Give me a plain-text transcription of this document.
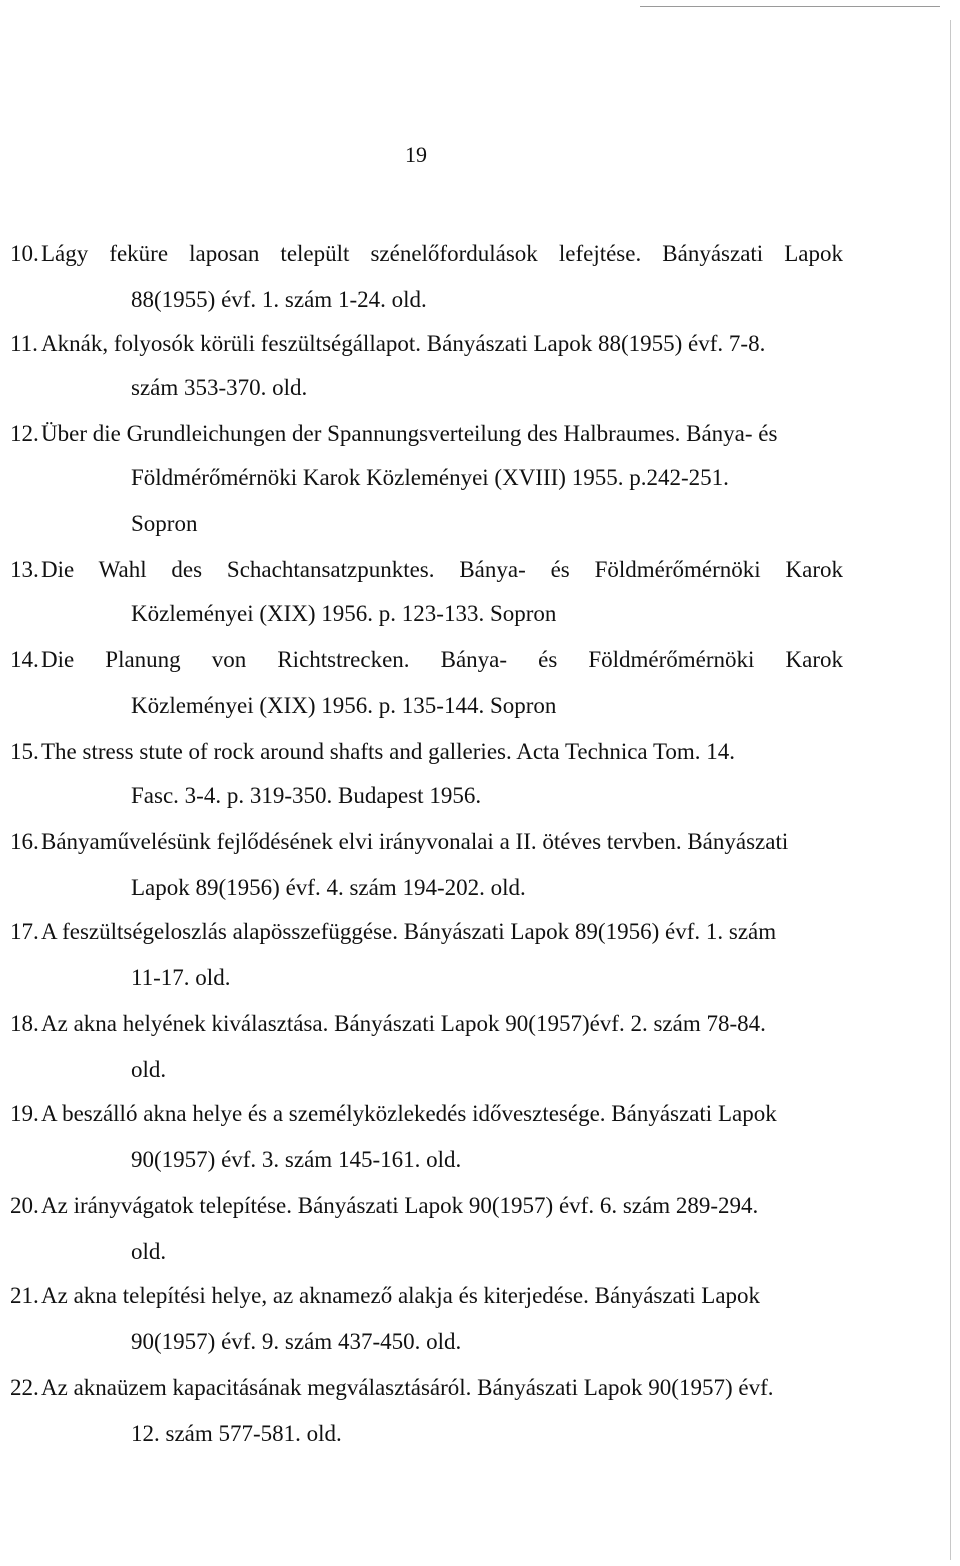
19
10. Lágy feküre laposan települt szénelőfordulások lefejtése. Bányászati Lapok
88(1955) évf. 1. szám 1-24. old.
11. Aknák, folyosók körüli feszültségállapot. Bányászati Lapok 88(1955) évf. 7-8.
szám 353-370. old.
12. Über die Grundleichungen der Spannungsverteilung des Halbraumes. Bánya- és
Földmérőmérnöki Karok Közleményei (XVIII) 1955. p.242-251.
Sopron
13. Die Wahl des Schachtansatzpunktes. Bánya- és Földmérőmérnöki Karok
Közleményei (XIX) 1956. p. 123-133. Sopron
14. Die Planung von Richtstrecken. Bánya- és Földmérőmérnöki Karok
Közleményei (XIX) 1956. p. 135-144. Sopron
15. The stress stute of rock around shafts and galleries. Acta Technica Tom. 14.
Fasc. 3-4. p. 319-350. Budapest 1956.
16. Bányaművelésünk fejlődésének elvi irányvonalai a II. ötéves tervben. Bányászati
Lapok 89(1956) évf. 4. szám 194-202. old.
17. A feszültségeloszlás alapösszefüggése. Bányászati Lapok 89(1956) évf. 1. szám
11-17. old.
18. Az akna helyének kiválasztása. Bányászati Lapok 90(1957)évf. 2. szám 78-84.
old.
19. A beszálló akna helye és a személyközlekedés idővesztesége. Bányászati Lapok
90(1957) évf. 3. szám 145-161. old.
20. Az irányvágatok telepítése. Bányászati Lapok 90(1957) évf. 6. szám 289-294.
old.
21. Az akna telepítési helye, az aknamező alakja és kiterjedése. Bányászati Lapok
90(1957) évf. 9. szám 437-450. old.
22. Az aknaüzem kapacitásának megválasztásáról. Bányászati Lapok 90(1957) évf.
12. szám 577-581. old.
